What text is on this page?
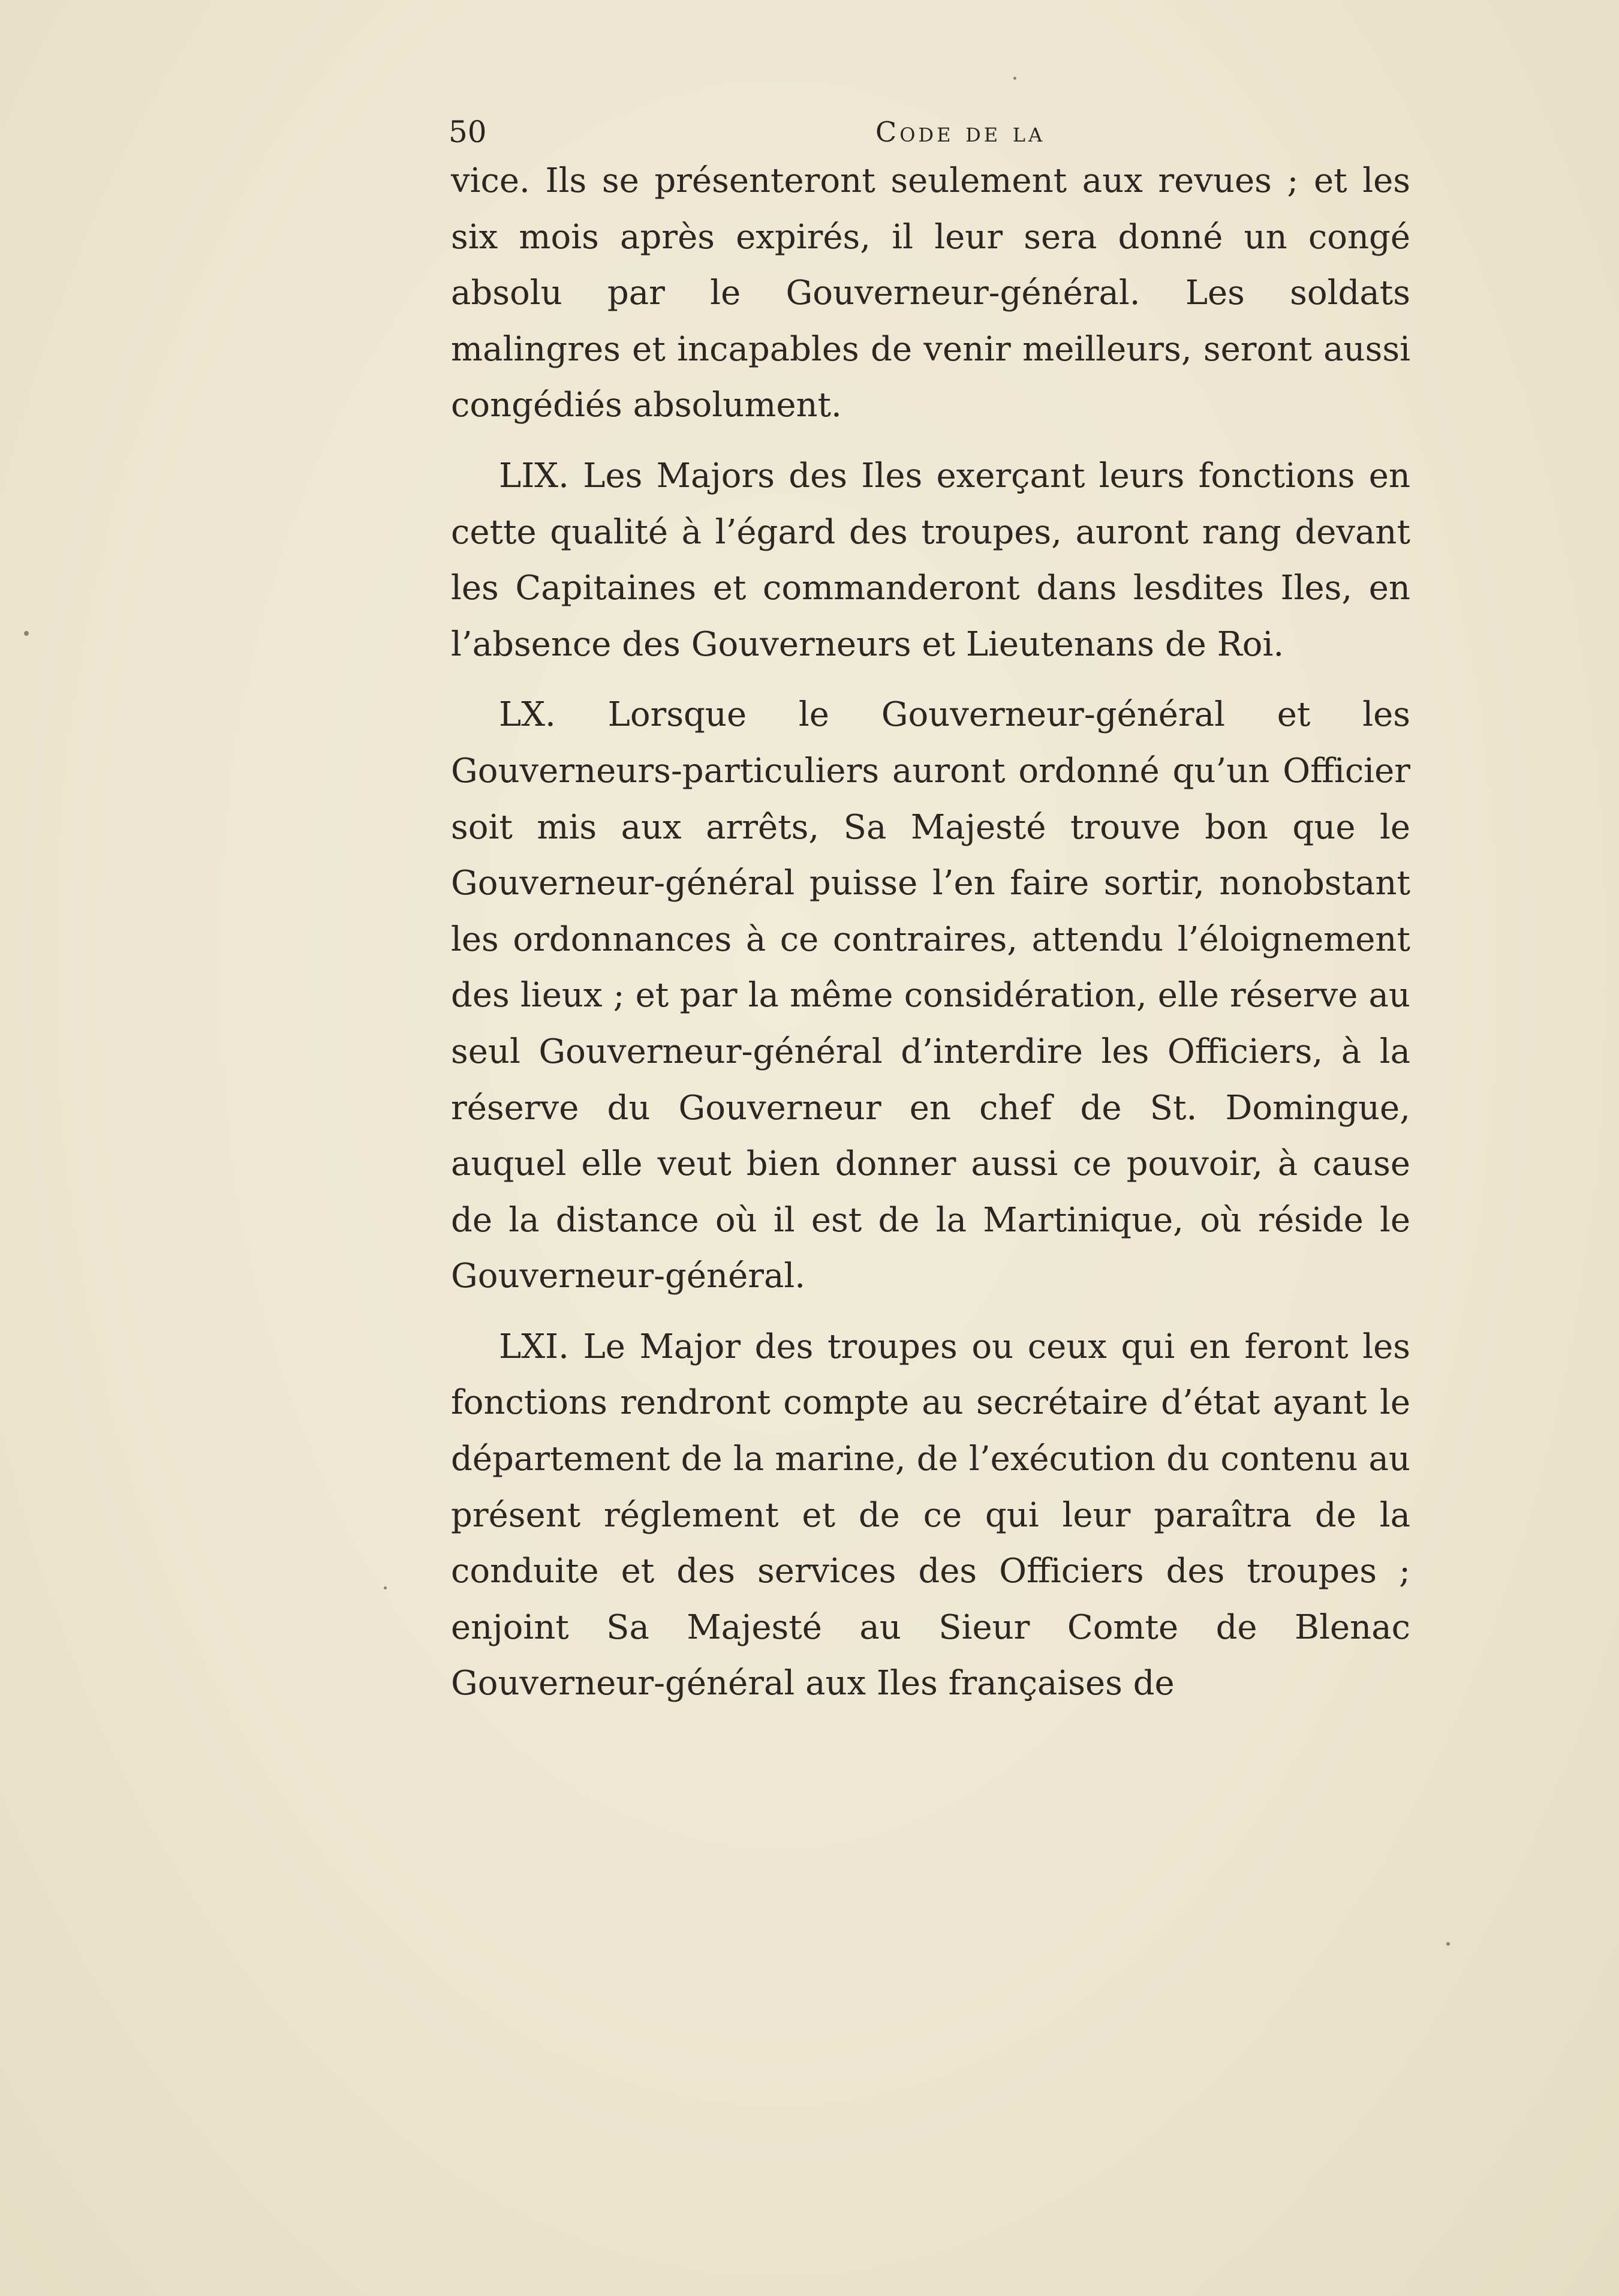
50	Code de la

vice. Ils se présenteront seulement aux revues ; et les six mois après expirés, il leur sera donné un congé absolu par le Gouverneur-général. Les soldats malingres et incapables de venir meilleurs, seront aussi congédiés absolument.

LIX. Les Majors des Iles exerçant leurs fonctions en cette qualité à l’égard des troupes, auront rang devant les Capitaines et commanderont dans lesdites Iles, en l’absence des Gouverneurs et Lieutenans de Roi.

LX. Lorsque le Gouverneur-général et les Gouverneurs-particuliers auront ordonné qu’un Officier soit mis aux arrêts, Sa Majesté trouve bon que le Gouverneur-général puisse l’en faire sortir, nonobstant les ordonnances à ce contraires, attendu l’éloignement des lieux ; et par la même considération, elle réserve au seul Gouverneur-général d’interdire les Officiers, à la réserve du Gouverneur en chef de St. Domingue, auquel elle veut bien donner aussi ce pouvoir, à cause de la distance où il est de la Martinique, où réside le Gouverneur-général.

LXI. Le Major des troupes ou ceux qui en feront les fonctions rendront compte au secrétaire d’état ayant le département de la marine, de l’exécution du contenu au présent réglement et de ce qui leur paraîtra de la conduite et des services des Officiers des troupes ; enjoint Sa Majesté au Sieur Comte de Blenac Gouverneur-général aux Iles françaises de
